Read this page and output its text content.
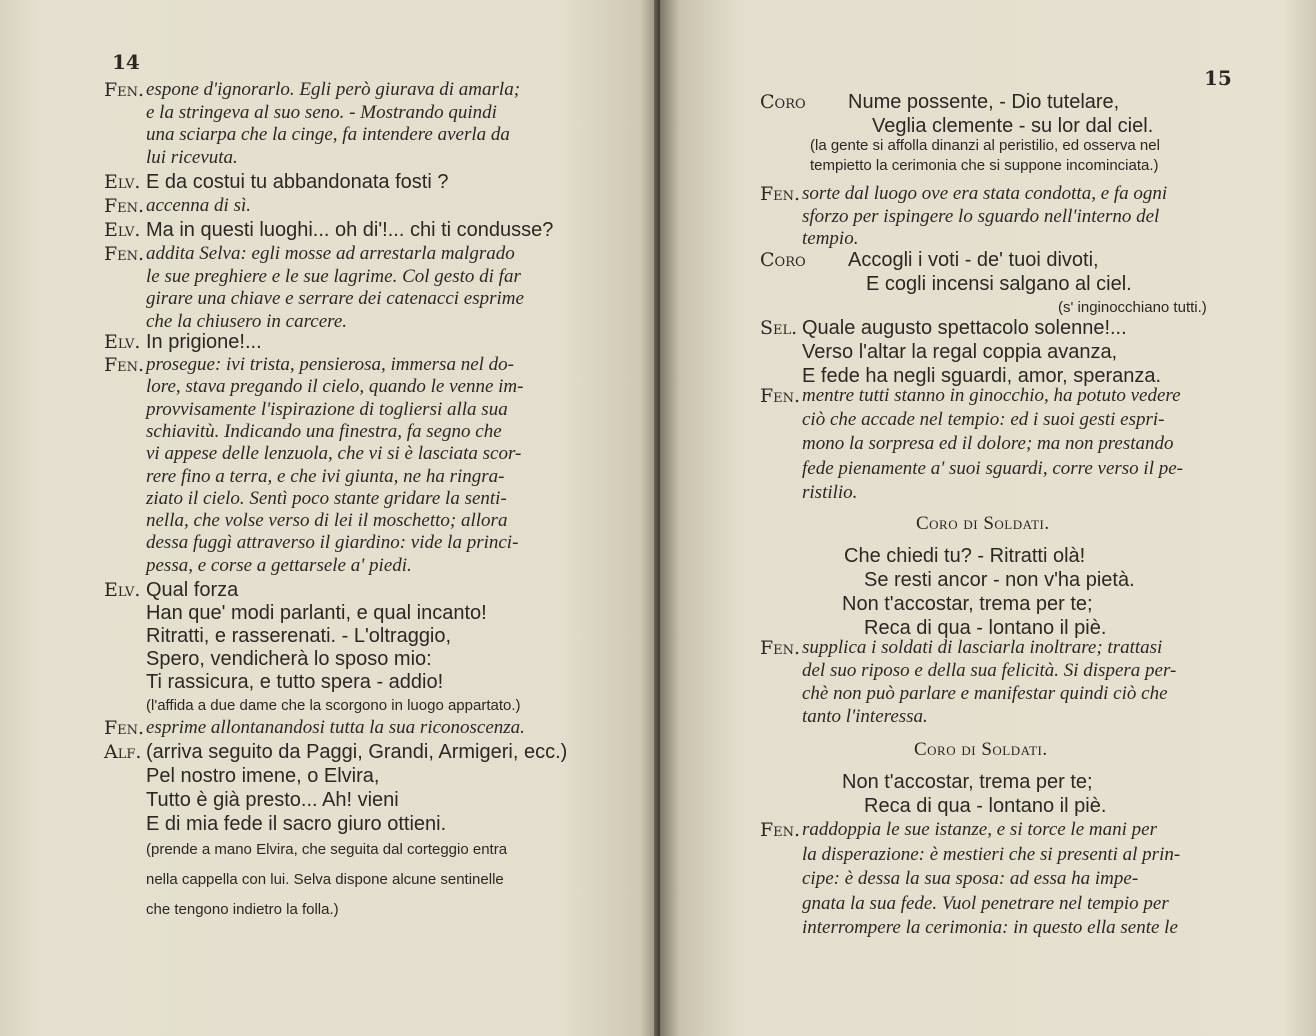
14
Fen. espone d'ignorarlo. Egli però giurava di amarla;
e la stringeva al suo seno. - Mostrando quindi
una sciarpa che la cinge, fa intendere averla da
lui ricevuta.
Elv. E da costui tu abbandonata fosti ?
Fen. accenna di sì.
Elv. Ma in questi luoghi... oh di'!... chi ti condusse?
Fen. addita Selva: egli mosse ad arrestarla malgrado
le sue preghiere e le sue lagrime. Col gesto di far
girare una chiave e serrare dei catenacci esprime
che la chiusero in carcere.
Elv. In prigione!...
Fen. prosegue: ivi trista, pensierosa, immersa nel do-
lore, stava pregando il cielo, quando le venne im-
provvisamente l'ispirazione di togliersi alla sua
schiavitù. Indicando una finestra, fa segno che
vi appese delle lenzuola, che vi si è lasciata scor-
rere fino a terra, e che ivi giunta, ne ha ringra-
ziato il cielo. Sentì poco stante gridare la senti-
nella, che volse verso di lei il moschetto; allora
dessa fuggì attraverso il giardino: vide la princi-
pessa, e corse a gettarsele a' piedi.
Elv. Qual forza
Han que' modi parlanti, e qual incanto!
Ritratti, e rasserenati. - L'oltraggio,
Spero, vendicherà lo sposo mio:
Ti rassicura, e tutto spera - addio!
(l'affida a due dame che la scorgono in luogo appartato.)
Fen. esprime allontanandosi tutta la sua riconoscenza.
Alf. (arriva seguito da Paggi, Grandi, Armigeri, ecc.)
Pel nostro imene, o Elvira,
Tutto è già presto... Ah! vieni
E di mia fede il sacro giuro ottieni.
(prende a mano Elvira, che seguita dal corteggio entra
nella cappella con lui. Selva dispone alcune sentinelle
che tengono indietro la folla.)
15
Coro Nume possente, - Dio tutelare,
Veglia clemente - su lor dal ciel.
(la gente si affolla dinanzi al peristilio, ed osserva nel
tempietto la cerimonia che si suppone incominciata.)
Fen. sorte dal luogo ove era stata condotta, e fa ogni
sforzo per ispingere lo sguardo nell'interno del
tempio.
Coro Accogli i voti - de' tuoi divoti,
E cogli incensi salgano al ciel.
(s' inginocchiano tutti.)
Sel. Quale augusto spettacolo solenne!...
Verso l'altar la regal coppia avanza,
E fede ha negli sguardi, amor, speranza.
Fen. mentre tutti stanno in ginocchio, ha potuto vedere
ciò che accade nel tempio: ed i suoi gesti espri-
mono la sorpresa ed il dolore; ma non prestando
fede pienamente a' suoi sguardi, corre verso il pe-
ristilio.
Coro di Soldati.
Che chiedi tu? - Ritratti olà!
Se resti ancor - non v'ha pietà.
Non t'accostar, trema per te;
Reca di qua - lontano il piè.
Fen. supplica i soldati di lasciarla inoltrare; trattasi
del suo riposo e della sua felicità. Si dispera per-
chè non può parlare e manifestar quindi ciò che
tanto l'interessa.
Coro di Soldati.
Non t'accostar, trema per te;
Reca di qua - lontano il piè.
Fen. raddoppia le sue istanze, e si torce le mani per
la disperazione: è mestieri che si presenti al prin-
cipe: è dessa la sua sposa: ad essa ha impe-
gnata la sua fede. Vuol penetrare nel tempio per
interrompere la cerimonia: in questo ella sente le
